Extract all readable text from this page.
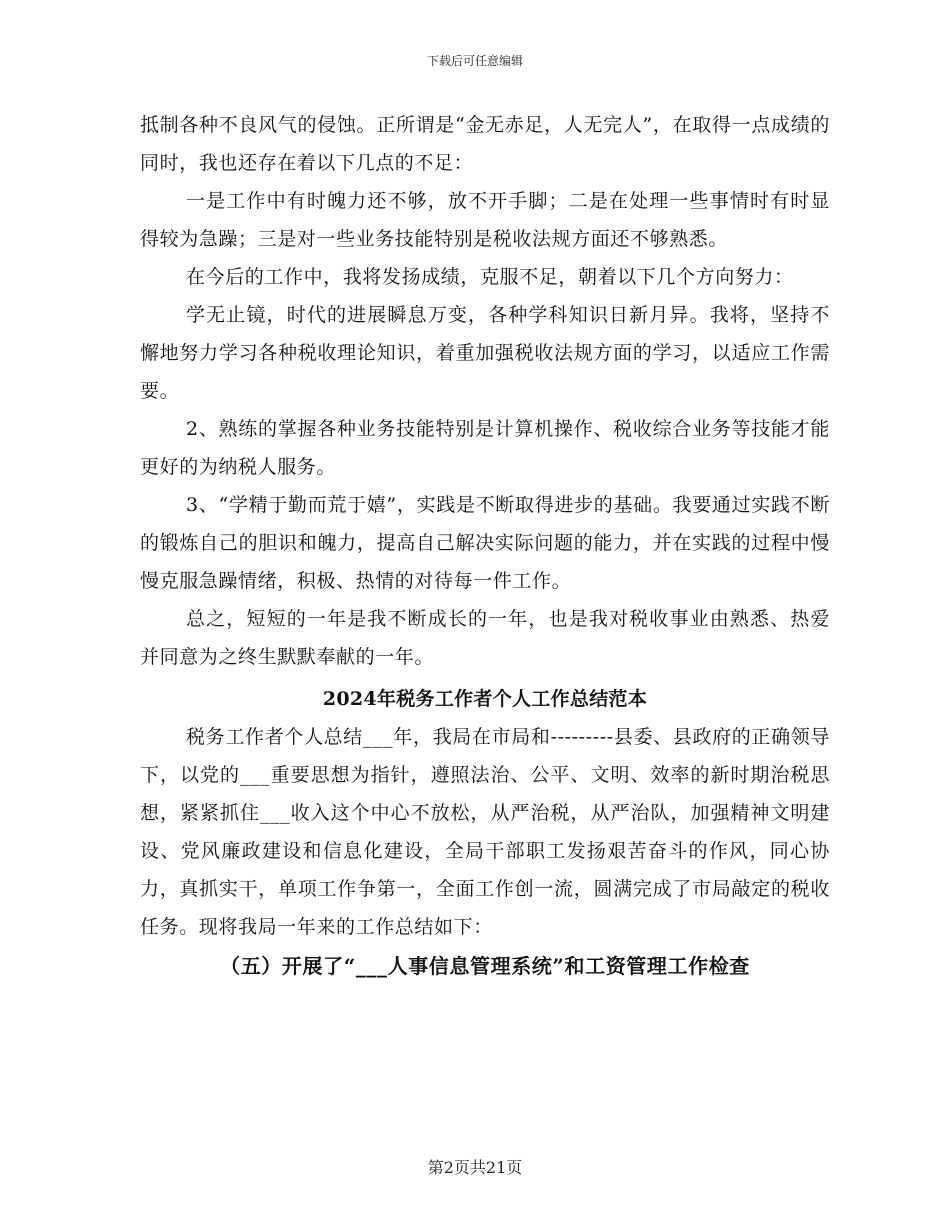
下载后可任意编辑

抵制各种不良风气的侵蚀。正所谓是“金无赤足，人无完人”，在取得一点成绩的同时，我也还存在着以下几点的不足：

一是工作中有时魄力还不够，放不开手脚；二是在处理一些事情时有时显得较为急躁；三是对一些业务技能特别是税收法规方面还不够熟悉。

在今后的工作中，我将发扬成绩，克服不足，朝着以下几个方向努力：

学无止镜，时代的进展瞬息万变，各种学科知识日新月异。我将，坚持不懈地努力学习各种税收理论知识，着重加强税收法规方面的学习，以适应工作需要。

2、熟练的掌握各种业务技能特别是计算机操作、税收综合业务等技能才能更好的为纳税人服务。

3、“学精于勤而荒于嬉”，实践是不断取得进步的基础。我要通过实践不断的锻炼自己的胆识和魄力，提高自己解决实际问题的能力，并在实践的过程中慢慢克服急躁情绪，积极、热情的对待每一件工作。

总之，短短的一年是我不断成长的一年，也是我对税收事业由熟悉、热爱并同意为之终生默默奉献的一年。

2024年税务工作者个人工作总结范本

税务工作者个人总结___年，我局在市局和---------县委、县政府的正确领导下，以党的___重要思想为指针，遵照法治、公平、文明、效率的新时期治税思想，紧紧抓住___收入这个中心不放松，从严治税，从严治队，加强精神文明建设、党风廉政建设和信息化建设，全局干部职工发扬艰苦奋斗的作风，同心协力，真抓实干，单项工作争第一，全面工作创一流，圆满完成了市局敲定的税收任务。现将我局一年来的工作总结如下：

（五）开展了“___人事信息管理系统”和工资管理工作检查
第2页共21页
